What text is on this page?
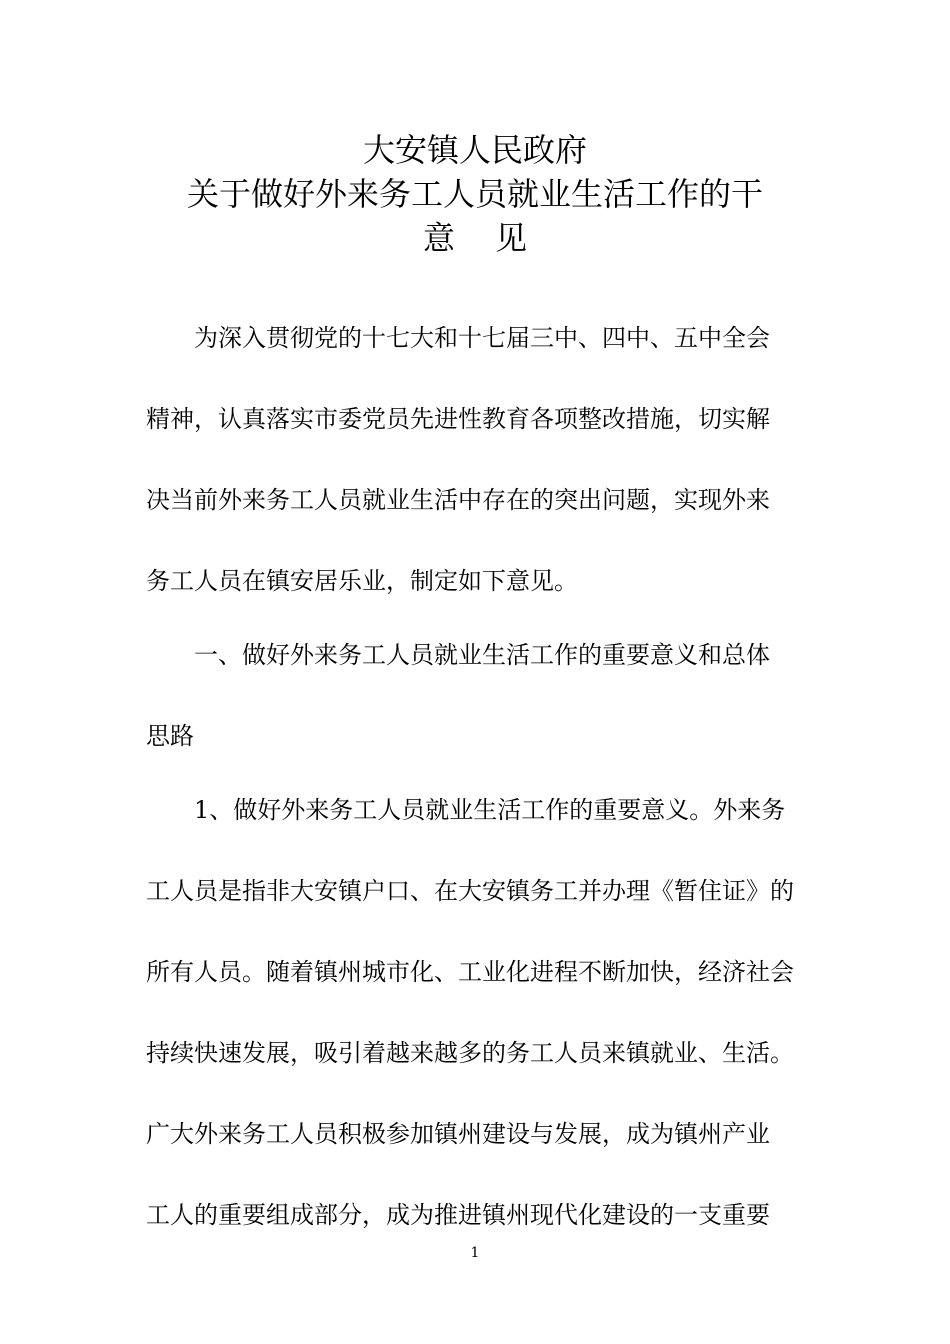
大安镇人民政府
关于做好外来务工人员就业生活工作的干
意见
为深入贯彻党的十七大和十七届三中、四中、五中全会
精神，认真落实市委党员先进性教育各项整改措施，切实解
决当前外来务工人员就业生活中存在的突出问题，实现外来
务工人员在镇安居乐业，制定如下意见。
一、做好外来务工人员就业生活工作的重要意义和总体
思路
1、做好外来务工人员就业生活工作的重要意义。外来务
工人员是指非大安镇户口、在大安镇务工并办理《暂住证》的
所有人员。随着镇州城市化、工业化进程不断加快，经济社会
持续快速发展，吸引着越来越多的务工人员来镇就业、生活。
广大外来务工人员积极参加镇州建设与发展，成为镇州产业
工人的重要组成部分，成为推进镇州现代化建设的一支重要
1
